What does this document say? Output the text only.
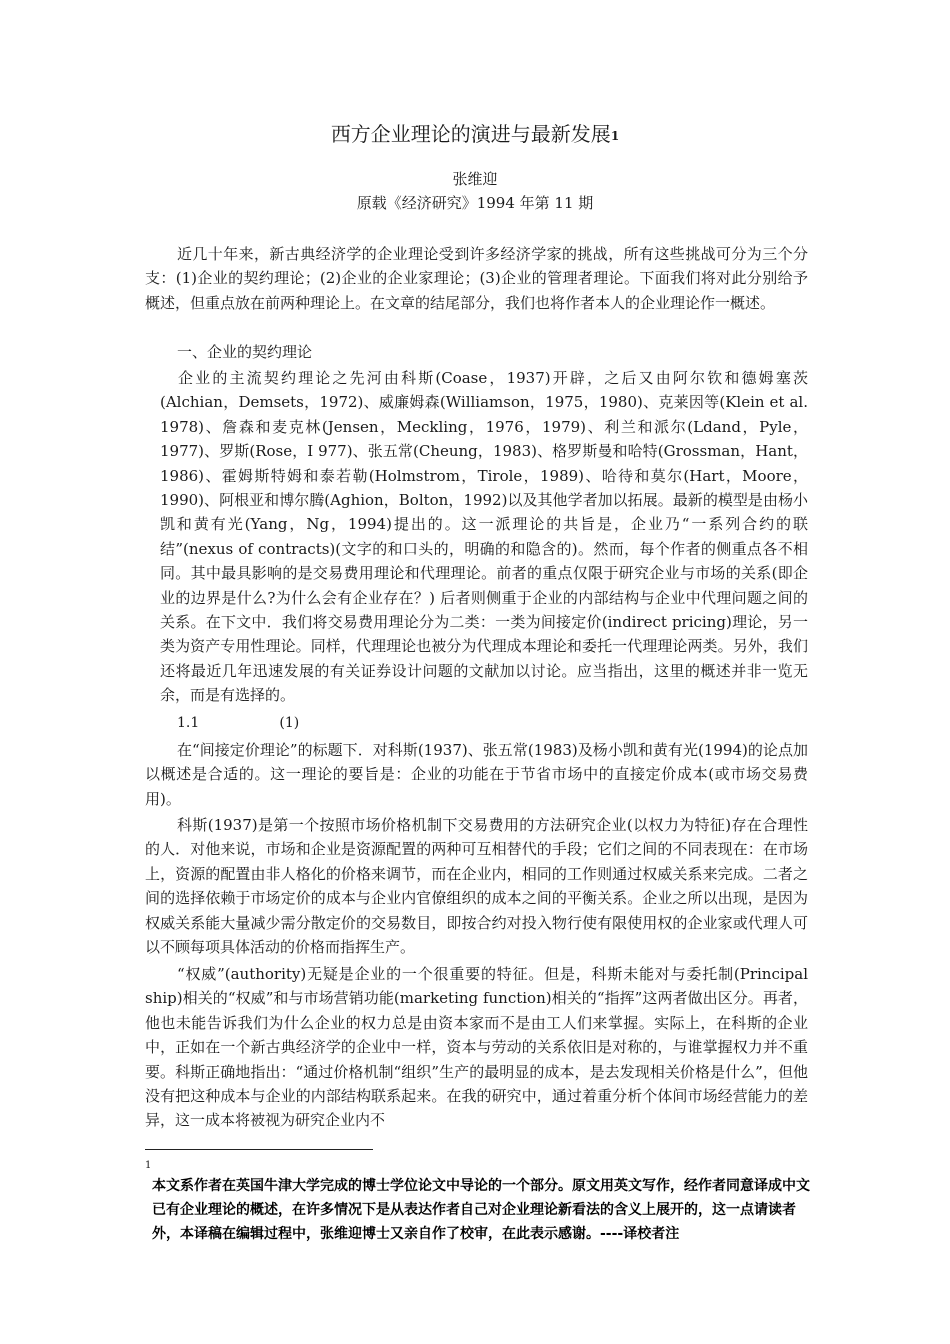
西方企业理论的演进与最新发展$^1$
张维迎
原载《经济研究》1994 年第 11 期
近几十年来，新古典经济学的企业理论受到许多经济学家的挑战，所有这些挑战可分为三个分支：(1)企业的契约理论；(2)企业的企业家理论；(3)企业的管理者理论。下面我们将对此分别给予概述，但重点放在前两种理论上。在文章的结尾部分，我们也将作者本人的企业理论作一概述。
一、企业的契约理论
企业的主流契约理论之先河由科斯(Coase，1937)开辟，之后又由阿尔钦和德姆塞茨(Alchian，Demsets，1972)、威廉姆森(Williamson，1975，1980)、克莱因等(Klein et al. 1978)、詹森和麦克林(Jensen，Meckling，1976，1979)、利兰和派尔(Ldand，Pyle，1977)、罗斯(Rose，I 977)、张五常(Cheung，1983)、格罗斯曼和哈特(Grossman，Hant，1986)、霍姆斯特姆和泰若勒(Holmstrom，Tirole，1989)、哈待和莫尔(Hart，Moore，1990)、阿根亚和博尔腾(Aghion，Bolton，1992)以及其他学者加以拓展。最新的模型是由杨小凯和黄有光(Yang，Ng，1994)提出的。这一派理论的共旨是，企业乃“一系列合约的联结”(nexus of contracts)(文字的和口头的，明确的和隐含的)。然而，每个作者的侧重点各不相同。其中最具影响的是交易费用理论和代理理论。前者的重点仅限于研究企业与市场的关系(即企业的边界是什么?为什么会有企业存在？) 后者则侧重于企业的内部结构与企业中代理问题之间的关系。在下文中．我们将交易费用理论分为二类：一类为间接定价(indirect pricing)理论，另一类为资产专用性理论。同样，代理理论也被分为代理成本理论和委托一代理理论两类。另外，我们还将最近几年迅速发展的有关证券设计问题的文献加以讨论。应当指出，这里的概述并非一览无余，而是有选择的。
1.1	(1)
在“间接定价理论”的标题下．对科斯(1937)、张五常(1983)及杨小凯和黄有光(1994)的论点加以概述是合适的。这一理论的要旨是：企业的功能在于节省市场中的直接定价成本(或市场交易费用)。
科斯(1937)是第一个按照市场价格机制下交易费用的方法研究企业(以权力为特征)存在合理性的人．对他来说，市场和企业是资源配置的两种可互相替代的手段；它们之间的不同表现在：在市场上，资源的配置由非人格化的价格来调节，而在企业内，相同的工作则通过权威关系来完成。二者之间的选择依赖于市场定价的成本与企业内官僚组织的成本之间的平衡关系。企业之所以出现，是因为权威关系能大量减少需分散定价的交易数目，即按合约对投入物行使有限使用权的企业家或代理人可以不顾每项具体活动的价格而指挥生产。
“权威”(authority)无疑是企业的一个很重要的特征。但是，科斯未能对与委托制(Principal ship)相关的“权威”和与市场营销功能(marketing function)相关的“指挥”这两者做出区分。再者，他也未能告诉我们为什么企业的权力总是由资本家而不是由工人们来掌握。实际上，在科斯的企业中，正如在一个新古典经济学的企业中一样，资本与劳动的关系依旧是对称的，与谁掌握权力并不重要。科斯正确地指出：“通过价格机制“组织”生产的最明显的成本，是去发现相关价格是什么”，但他没有把这种成本与企业的内部结构联系起来。在我的研究中，通过着重分析个体间市场经营能力的差异，这一成本将被视为研究企业内不
1
本文系作者在英国牛津大学完成的博士学位论文中导论的一个部分。原文用英文写作，经作者同意译成中文
已有企业理论的概述，在许多情况下是从表达作者自己对企业理论新看法的含义上展开的，这一点请读者
外，本译稿在编辑过程中，张维迎博士又亲自作了校审，在此表示感谢。----译校者注
